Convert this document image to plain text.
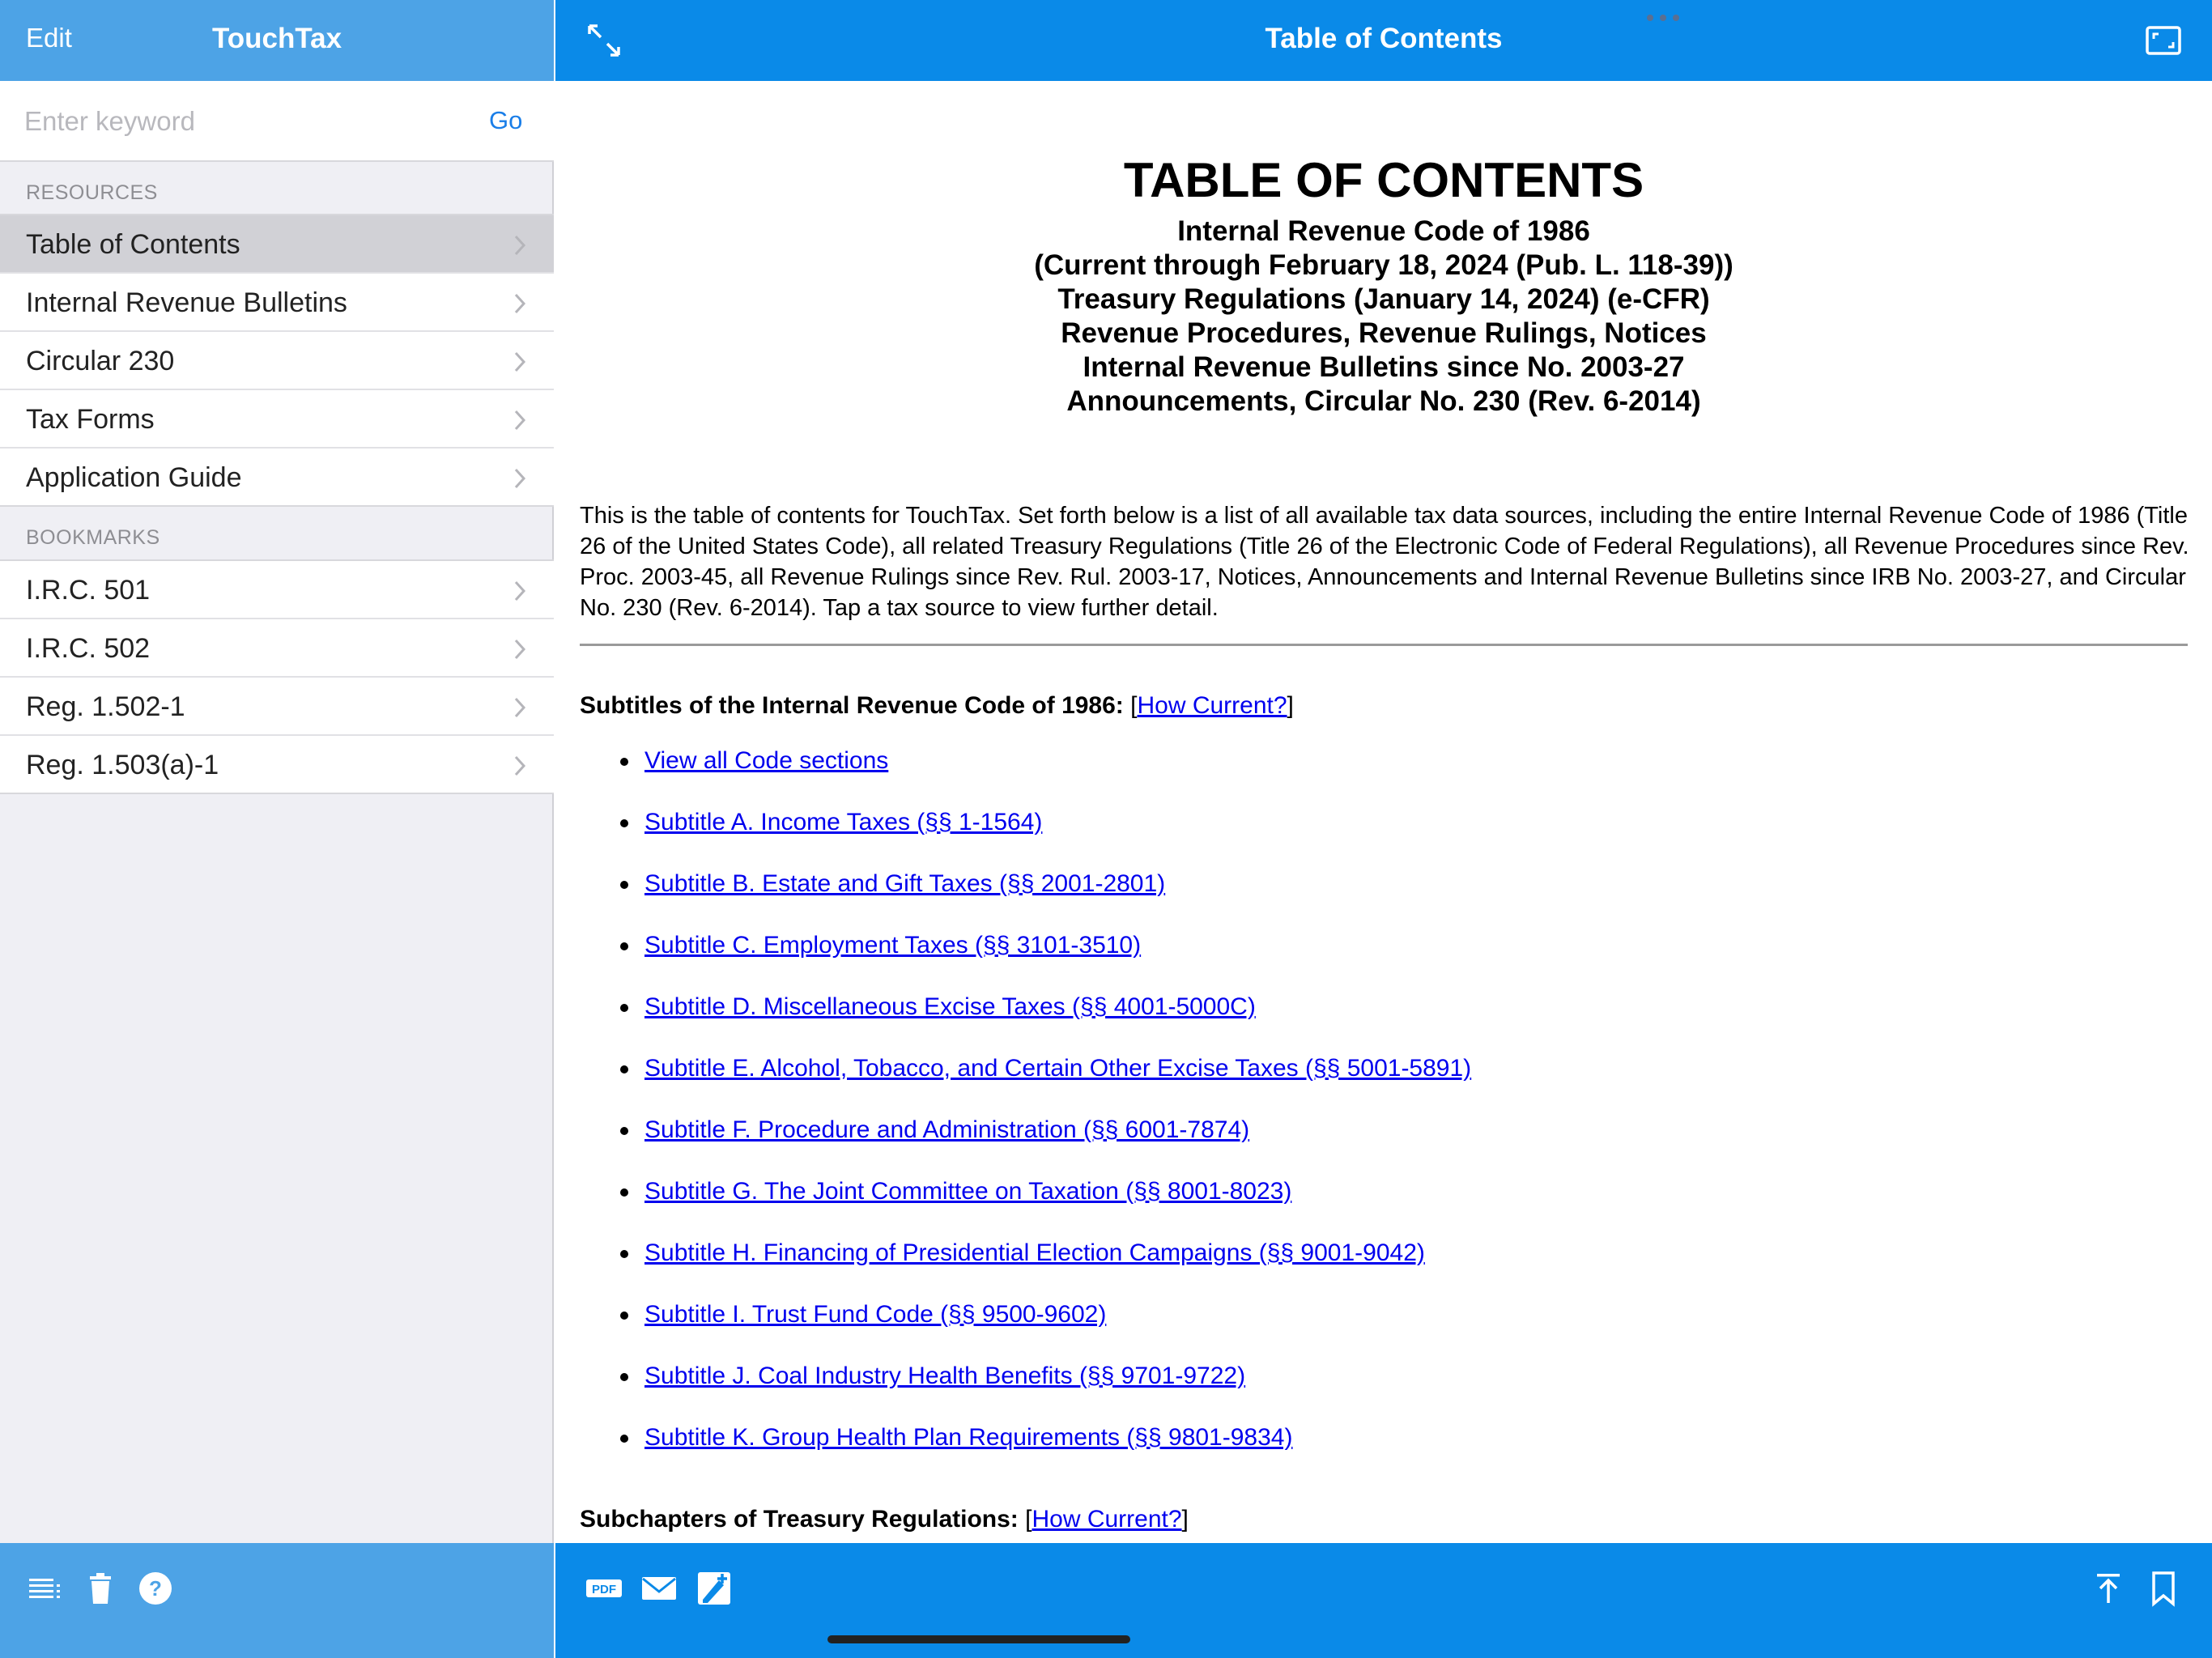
Edit	TouchTax
Enter keyword
Go
RESOURCES
Table of Contents
Internal Revenue Bulletins
Circular 230
Tax Forms
Application Guide
BOOKMARKS
I.R.C. 501
I.R.C. 502
Reg. 1.502-1
Reg. 1.503(a)-1
?
Table of Contents
TABLE OF CONTENTS
Internal Revenue Code of 1986
(Current through February 18, 2024 (Pub. L. 118-39))
Treasury Regulations (January 14, 2024) (e-CFR)
Revenue Procedures, Revenue Rulings, Notices
Internal Revenue Bulletins since No. 2003-27
Announcements, Circular No. 230 (Rev. 6-2014)

This is the table of contents for TouchTax. Set forth below is a list of all available tax data sources, including the entire Internal Revenue Code of 1986 (Title 26 of the United States Code), all related Treasury Regulations (Title 26 of the Electronic Code of Federal Regulations), all Revenue Procedures since Rev. Proc. 2003-45, all Revenue Rulings since Rev. Rul. 2003-17, Notices, Announcements and Internal Revenue Bulletins since IRB No. 2003-27, and Circular No. 230 (Rev. 6-2014). Tap a tax source to view further detail.

Subtitles of the Internal Revenue Code of 1986: [How Current?]
View all Code sections
Subtitle A. Income Taxes (§§ 1-1564)
Subtitle B. Estate and Gift Taxes (§§ 2001-2801)
Subtitle C. Employment Taxes (§§ 3101-3510)
Subtitle D. Miscellaneous Excise Taxes (§§ 4001-5000C)
Subtitle E. Alcohol, Tobacco, and Certain Other Excise Taxes (§§ 5001-5891)
Subtitle F. Procedure and Administration (§§ 6001-7874)
Subtitle G. The Joint Committee on Taxation (§§ 8001-8023)
Subtitle H. Financing of Presidential Election Campaigns (§§ 9001-9042)
Subtitle I. Trust Fund Code (§§ 9500-9602)
Subtitle J. Coal Industry Health Benefits (§§ 9701-9722)
Subtitle K. Group Health Plan Requirements (§§ 9801-9834)
Subchapters of Treasury Regulations: [How Current?]
PDF
